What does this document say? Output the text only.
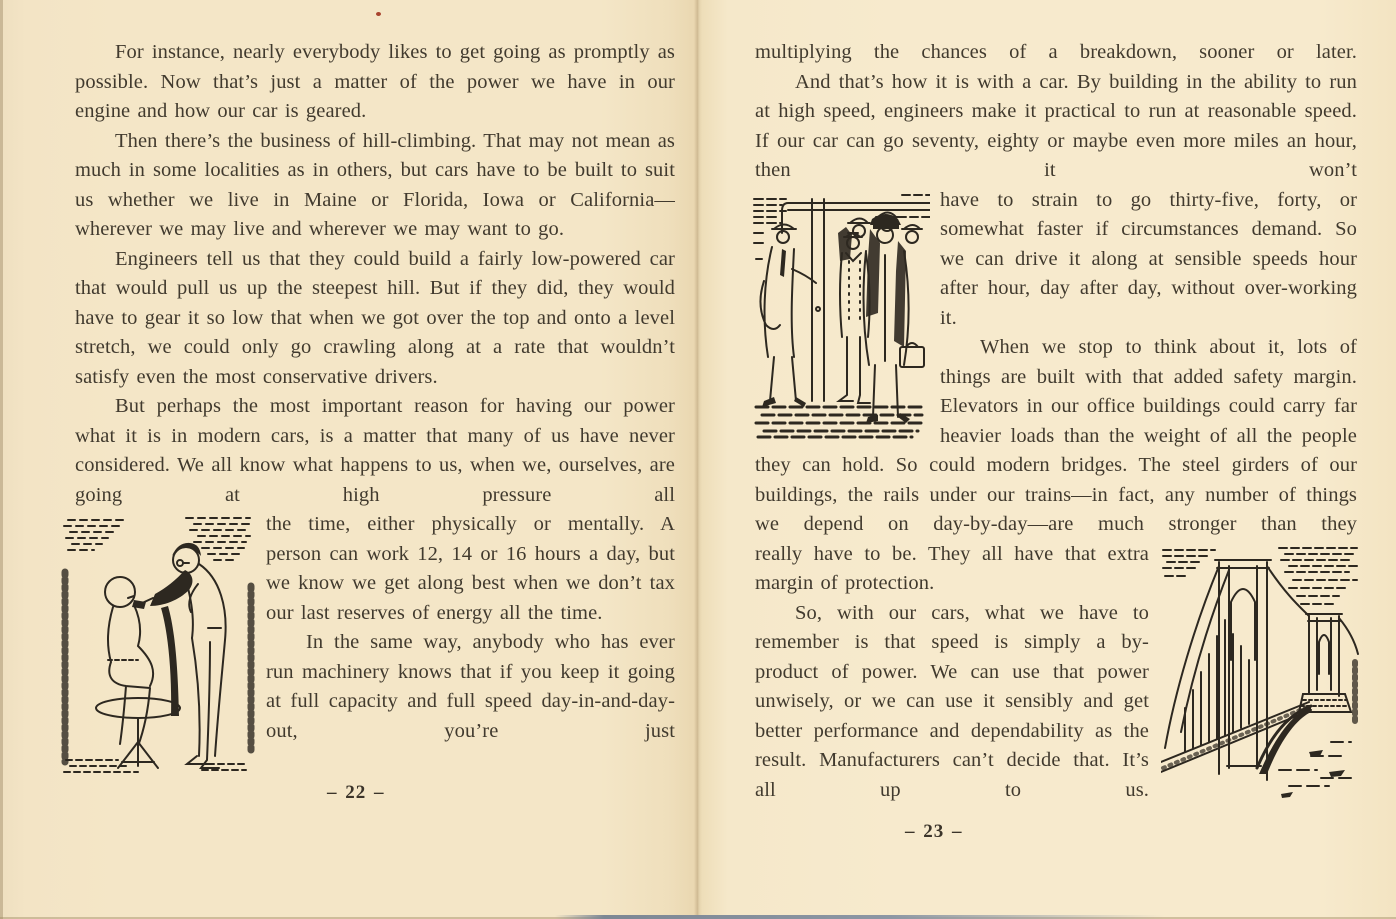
For instance, nearly everybody likes to get going as promptly as possible. Now that’s just a matter of the power we have in our engine and how our car is geared.

Then there’s the business of hill-climbing. That may not mean as much in some localities as in others, but cars have to be built to suit us whether we live in Maine or Florida, Iowa or California—wherever we may live and wherever we may want to go.

Engineers tell us that they could build a fairly low-powered car that would pull us up the steepest hill. But if they did, they would have to gear it so low that when we got over the top and onto a level stretch, we could only go crawling along at a rate that wouldn’t satisfy even the most conservative drivers.

But perhaps the most important reason for having our power what it is in modern cars, is a matter that many of us have never considered. We all know what happens to us, when we, ourselves, are going at high pressure all

the time, either physically or mentally. A person can work 12, 14 or 16 hours a day, but we know we get along best when we don’t tax our last reserves of energy all the time.

In the same way, anybody who has ever run machinery knows that if you keep it going at full capacity and full speed day-in-and-day-out, you’re just

– 22 –

multiplying the chances of a breakdown, sooner or later.

And that’s how it is with a car. By building in the ability to run at high speed, engineers make it practical to run at reasonable speed. If our car can go seventy, eighty or maybe even more miles an hour, then it won’t

have to strain to go thirty-five, forty, or somewhat faster if circumstances demand. So we can drive it along at sensible speeds hour after hour, day after day, without over-working it.

When we stop to think about it, lots of things are built with that added safety margin. Elevators in our office buildings could carry far heavier loads than the weight of all the people they can hold. So could modern bridges. The steel girders of our buildings, the rails under our trains—in fact, any number of things we depend on day-by-day—are much stronger than they

really have to be. They all have that extra margin of protection.

So, with our cars, what we have to remember is that speed is simply a by-product of power. We can use that power unwisely, or we can use it sensibly and get better performance and dependability as the result. Manufacturers can’t decide that. It’s all up to us.

– 23 –
